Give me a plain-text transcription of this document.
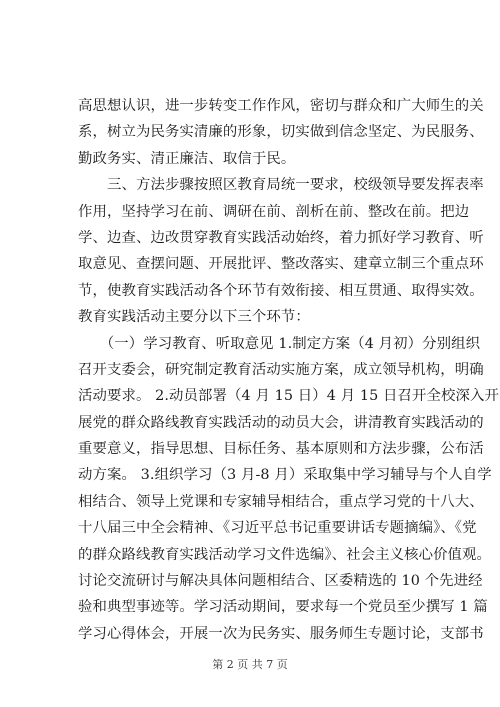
高思想认识，进一步转变工作作风，密切与群众和广大师生的关
系，树立为民务实清廉的形象，切实做到信念坚定、为民服务、
勤政务实、清正廉洁、取信于民。
　　三、方法步骤按照区教育局统一要求，校级领导要发挥表率
作用，坚持学习在前、调研在前、剖析在前、整改在前。把边
学、边查、边改贯穿教育实践活动始终，着力抓好学习教育、听
取意见、查摆问题、开展批评、整改落实、建章立制三个重点环
节，使教育实践活动各个环节有效衔接、相互贯通、取得实效。
教育实践活动主要分以下三个环节：
　　（一）学习教育、听取意见 1.制定方案（4 月初）分别组织
召开支委会，研究制定教育活动实施方案，成立领导机构，明确
活动要求。 2.动员部署（4 月 15 日）4 月 15 日召开全校深入开
展党的群众路线教育实践活动的动员大会，讲清教育实践活动的
重要意义，指导思想、目标任务、基本原则和方法步骤，公布活
动方案。 3.组织学习（3 月-8 月）采取集中学习辅导与个人自学
相结合、领导上党课和专家辅导相结合，重点学习党的十八大、
十八届三中全会精神、《习近平总书记重要讲话专题摘编》、《党
的群众路线教育实践活动学习文件选编》、社会主义核心价值观。
讨论交流研讨与解决具体问题相结合、区委精选的 10 个先进经
验和典型事迹等。学习活动期间，要求每一个党员至少撰写 1 篇
学习心得体会，开展一次为民务实、服务师生专题讨论，支部书
第 2 页 共 7 页
